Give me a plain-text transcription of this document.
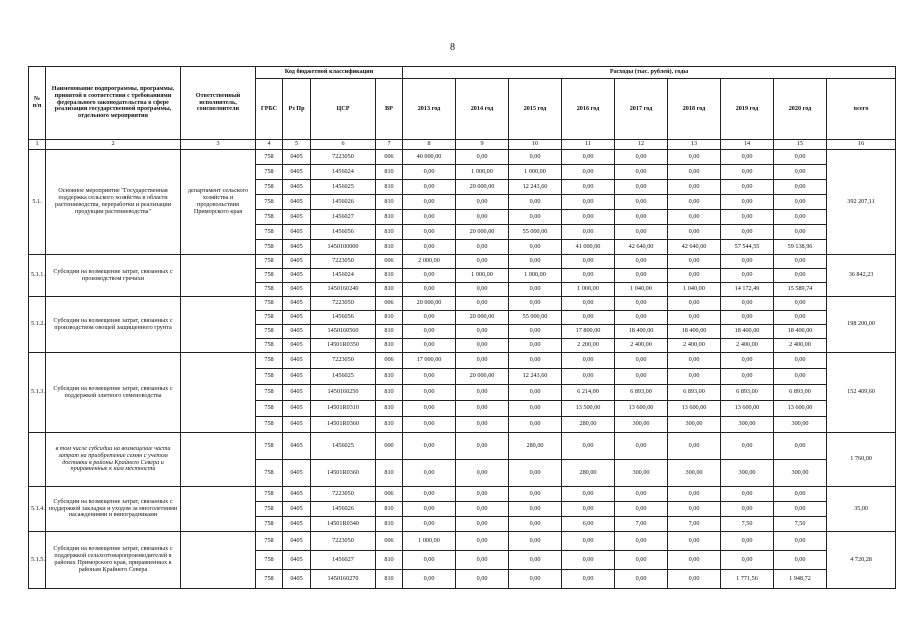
8
№ п/п	Наименование подпрограммы, программы, принятой в соответствии с требованиями федерального законодательства в сфере реализации государственной программы, отдельного мероприятия	Ответственный исполнитель, соисполнители	Код бюджетной классификации				Расходы (тыс. рублей), годы								
			ГРБС	Рз Пр	ЦСР	ВР	2013 год	2014 год	2015 год	2016 год	2017 год	2018 год	2019 год	2020 год	всего
1	2	3	4	5	6	7	8	9	10	11	12	13	14	15	16
5.1.	Основное мероприятие "Государственная поддержка сельского хозяйства в области растениеводства, переработки и реализации продукции растениеводства"	департамент сельского хозяйства и продовольствия Приморского края	758	0405	7223050	006	40 000,00	0,00	0,00	0,00	0,00	0,00	0,00	0,00	392 207,11
			758	0405	1456024	810	0,00	1 000,00	1 000,00	0,00	0,00	0,00	0,00	0,00	
			758	0405	1456025	810	0,00	20 000,00	12 243,60	0,00	0,00	0,00	0,00	0,00	
			758	0405	1456026	810	0,00	0,00	0,00	0,00	0,00	0,00	0,00	0,00	
			758	0405	1456027	810	0,00	0,00	0,00	0,00	0,00	0,00	0,00	0,00	
			758	0405	1456056	810	0,00	20 000,00	55 000,00	0,00	0,00	0,00	0,00	0,00	
			758	0405	1450100000	810	0,00	0,00	0,00	41 000,00	42 640,00	42 640,00	57 544,55	59 138,96	
5.1.1.	Субсидии на возмещение затрат, связанных с производством гречихи		758	0405	7223050	006	2 000,00	0,00	0,00	0,00	0,00	0,00	0,00	0,00	36 842,23
			758	0405	1456024	810	0,00	1 000,00	1 000,00	0,00	0,00	0,00	0,00	0,00	
			758	0405	1450160240	810	0,00	0,00	0,00	1 000,00	1 040,00	1 040,00	14 172,49	15 589,74	
5.1.2.	Субсидии на возмещение затрат, связанных с производством овощей защищенного грунта		758	0405	7223050	006	20 000,00	0,00	0,00	0,00	0,00	0,00	0,00	0,00	198 200,00
			758	0405	1456056	810	0,00	20 000,00	55 000,00	0,00	0,00	0,00	0,00	0,00	
			758	0405	1450160560	810	0,00	0,00	0,00	17 800,00	18 400,00	18 400,00	18 400,00	18 400,00	
			758	0405	14501R0350	810	0,00	0,00	0,00	2 200,00	2 400,00	2 400,00	2 400,00	2 400,00	
5.1.3.	Субсидии на возмещение затрат, связанных с поддержкой элитного семеноводства		758	0405	7223050	006	17 000,00	0,00	0,00	0,00	0,00	0,00	0,00	0,00	152 409,60
			758	0405	1456025	810	0,00	20 000,00	12 243,60	0,00	0,00	0,00	0,00	0,00	
			758	0405	1450160250	810	0,00	0,00	0,00	6 214,00	6 893,00	6 893,00	6 893,00	6 893,00	
			758	0405	14501R0310	810	0,00	0,00	0,00	13 500,00	13 600,00	13 600,00	13 600,00	13 600,00	
			758	0405	14501R0360	810	0,00	0,00	0,00	280,00	300,00	300,00	300,00	300,00	
	в том числе субсидии на возмещение части затрат на приобретение семян с учетом доставки в районы Крайнего Севера и приравненные к ним местности		758	0405	1456025	000	0,00	0,00	280,00	0,00	0,00	0,00	0,00	0,00	1 760,00
			758	0405	14501R0360	810	0,00	0,00	0,00	280,00	300,00	300,00	300,00	300,00	
5.1.4.	Субсидии на возмещение затрат, связанных с поддержкой закладки и уходом за многолетними насаждениями и виноградниками		758	0405	7223050	006	0,00	0,00	0,00	0,00	0,00	0,00	0,00	0,00	35,00
			758	0405	1456026	810	0,00	0,00	0,00	0,00	0,00	0,00	0,00	0,00	
			758	0405	14501R0340	810	0,00	0,00	0,00	6,00	7,00	7,00	7,50	7,50	
5.1.5.	Субсидии на возмещение затрат, связанных с поддержкой сельхозтоваропроизводителей в районах Приморского края, приравненных к районам Крайнего Севера		758	0405	7223050	006	1 000,00	0,00	0,00	0,00	0,00	0,00	0,00	0,00	4 720,28
			758	0405	1456027	810	0,00	0,00	0,00	0,00	0,00	0,00	0,00	0,00	
			758	0405	1450160270	810	0,00	0,00	0,00	0,00	0,00	0,00	1 771,56	1 948,72	
